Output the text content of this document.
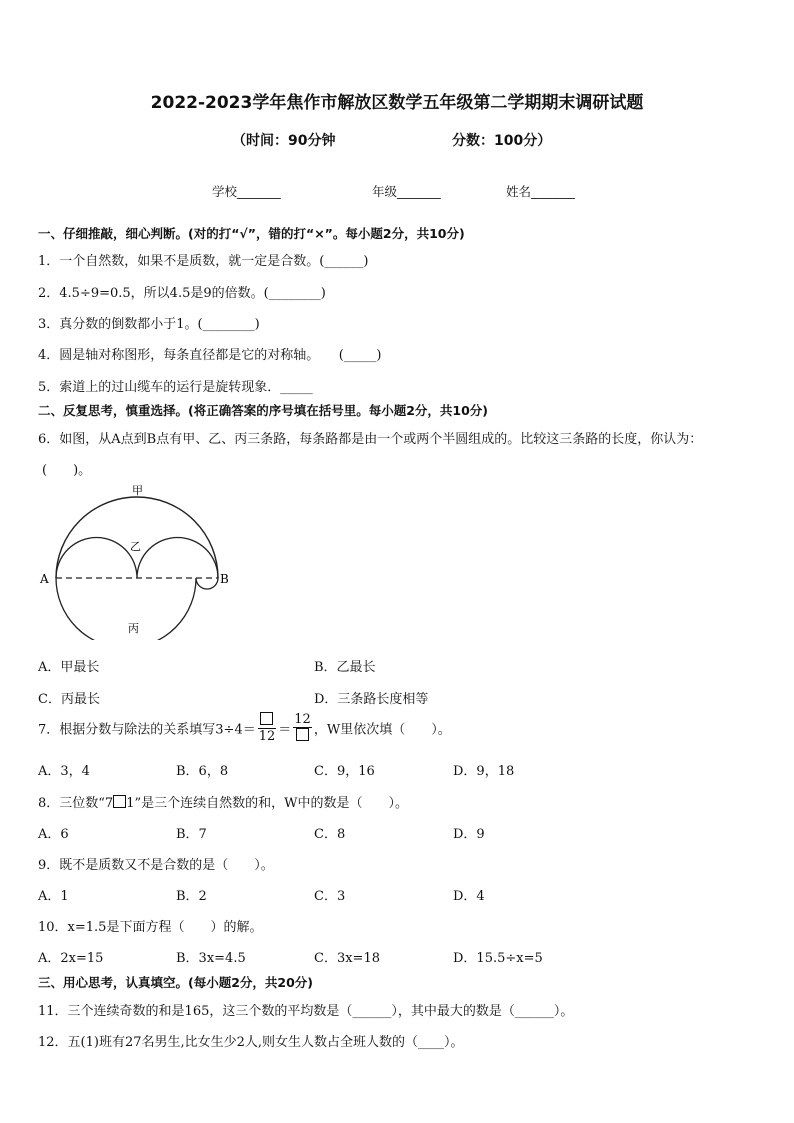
2022-2023学年焦作市解放区数学五年级第二学期期末调研试题
（时间：90分钟	分数：100分）
学校_______	年级_______	姓名_______
一、仔细推敲，细心判断。(对的打“√”，错的打“×”。每小题2分，共10分)
1．一个自然数，如果不是质数，就一定是合数。(______)
2．4.5÷9=0.5，所以4.5是9的倍数。(________)
3．真分数的倒数都小于1。(________)
4．圆是轴对称图形，每条直径都是它的对称轴。　　(_____)
5．索道上的过山缆车的运行是旋转现象．_____
二、反复思考，慎重选择。(将正确答案的序号填在括号里。每小题2分，共10分)
6．如图，从A点到B点有甲、乙、丙三条路，每条路都是由一个或两个半圆组成的。比较这三条路的长度，你认为：
(　　)。
甲
乙
丙
A	B
A．甲最长	B．乙最长
C．丙最长	D．三条路长度相等
7．根据分数与除法的关系填写3÷4＝ 12 ＝
12
，W里依次填（　　）。
A．3，4	B．6，8	C．9，16	D．9，18
8．三位数“7 1”是三个连续自然数的和，W中的数是（　　）。
A．6	B．7	C．8	D．9
9．既不是质数又不是合数的是（　　）。
A．1	B．2	C．3	D．4
10．x=1.5是下面方程（　　）的解。
A．2x=15	B．3x=4.5	C．3x=18	D．15.5÷x=5
三、用心思考，认真填空。(每小题2分，共20分)
11．三个连续奇数的和是165，这三个数的平均数是（______），其中最大的数是（______）。
12．五(1)班有27名男生,比女生少2人,则女生人数占全班人数的（____）。
